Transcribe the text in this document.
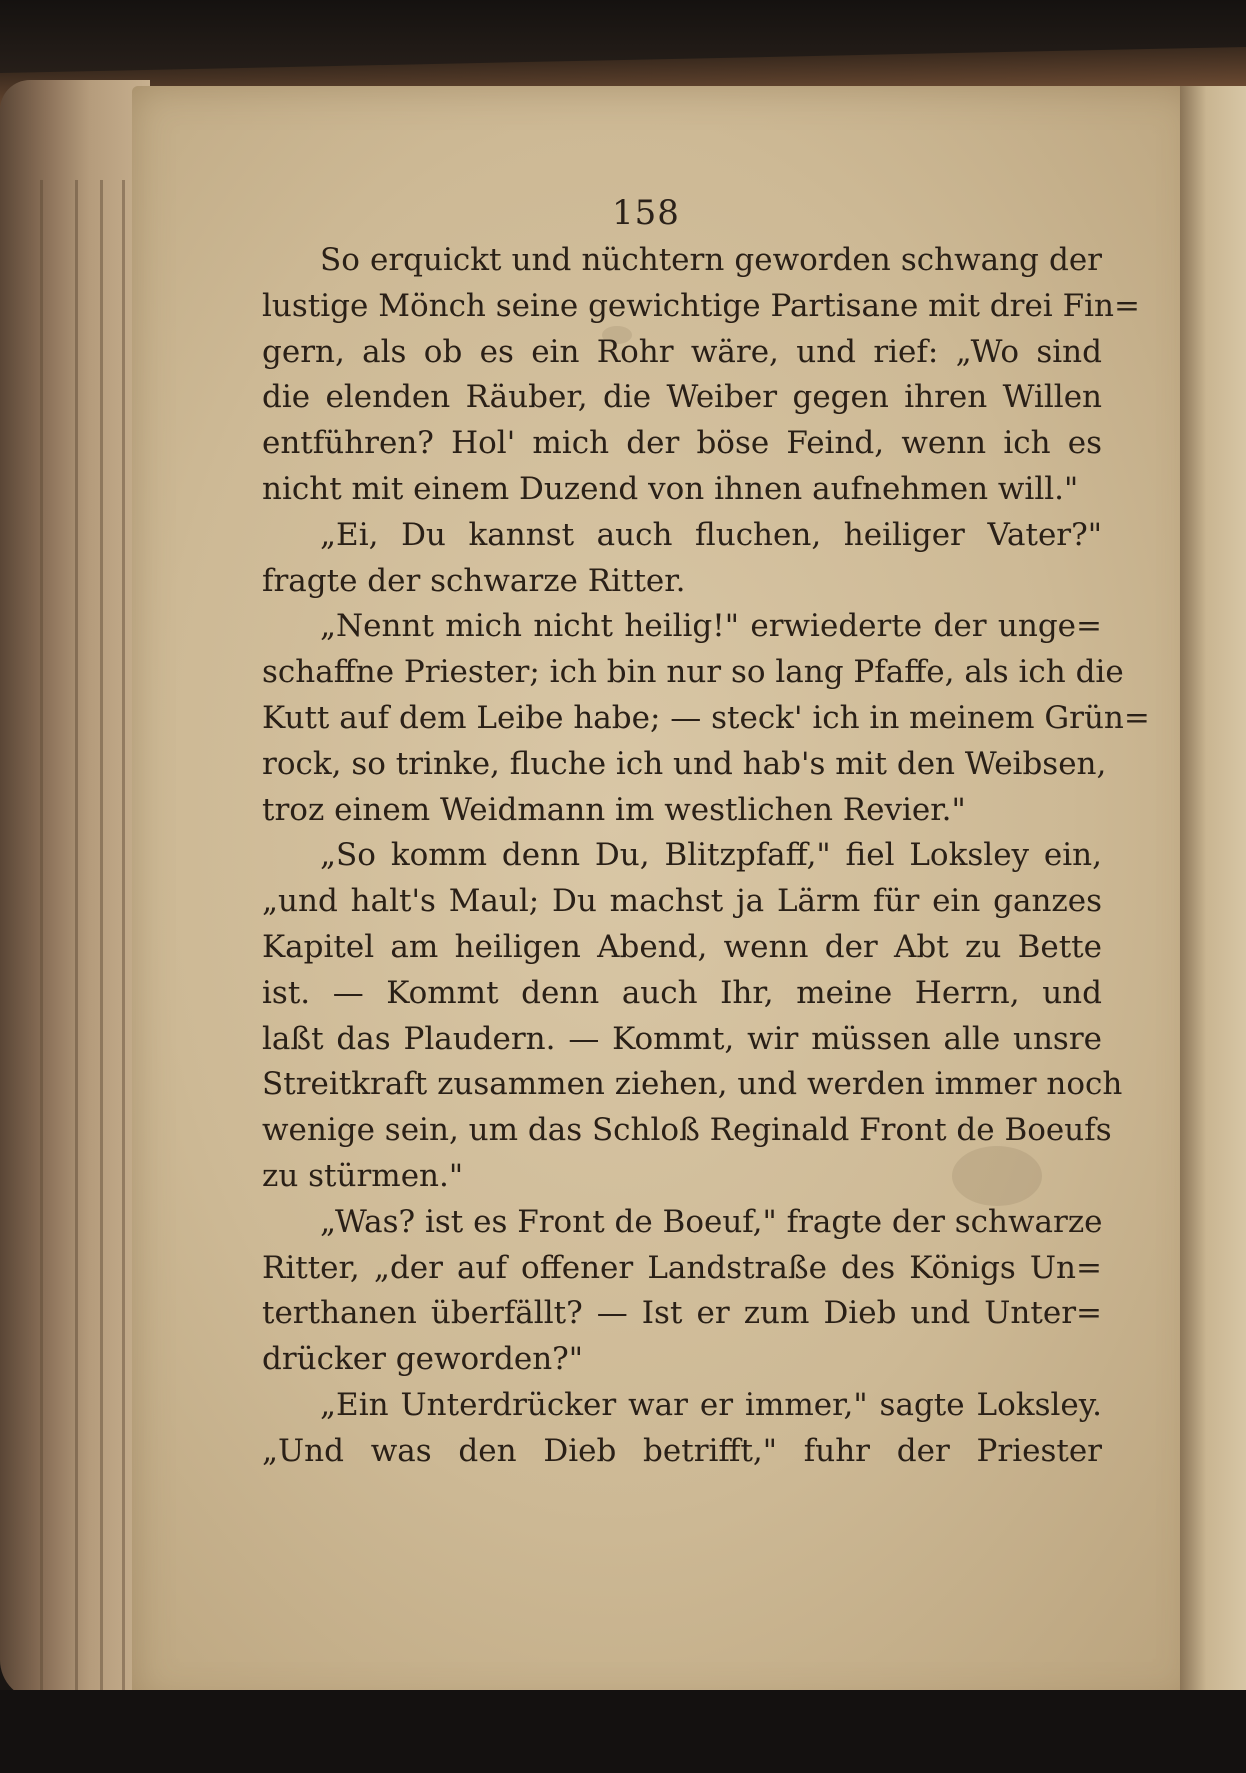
158
So erquickt und nüchtern geworden schwang der
lustige Mönch seine gewichtige Partisane mit drei Fin=
gern, als ob es ein Rohr wäre, und rief: „Wo sind
die elenden Räuber, die Weiber gegen ihren Willen
entführen? Hol' mich der böse Feind, wenn ich es
nicht mit einem Duzend von ihnen aufnehmen will."
„Ei, Du kannst auch fluchen, heiliger Vater?"
fragte der schwarze Ritter.
„Nennt mich nicht heilig!" erwiederte der unge=
schaffne Priester; ich bin nur so lang Pfaffe, als ich die
Kutt auf dem Leibe habe; — steck' ich in meinem Grün=
rock, so trinke, fluche ich und hab's mit den Weibsen,
troz einem Weidmann im westlichen Revier."
„So komm denn Du, Blitzpfaff," fiel Loksley ein,
„und halt's Maul; Du machst ja Lärm für ein ganzes
Kapitel am heiligen Abend, wenn der Abt zu Bette
ist. — Kommt denn auch Ihr, meine Herrn, und
laßt das Plaudern. — Kommt, wir müssen alle unsre
Streitkraft zusammen ziehen, und werden immer noch
wenige sein, um das Schloß Reginald Front de Boeufs
zu stürmen."
„Was? ist es Front de Boeuf," fragte der schwarze
Ritter, „der auf offener Landstraße des Königs Un=
terthanen überfällt? — Ist er zum Dieb und Unter=
drücker geworden?"
„Ein Unterdrücker war er immer," sagte Loksley.
„Und was den Dieb betrifft," fuhr der Priester
